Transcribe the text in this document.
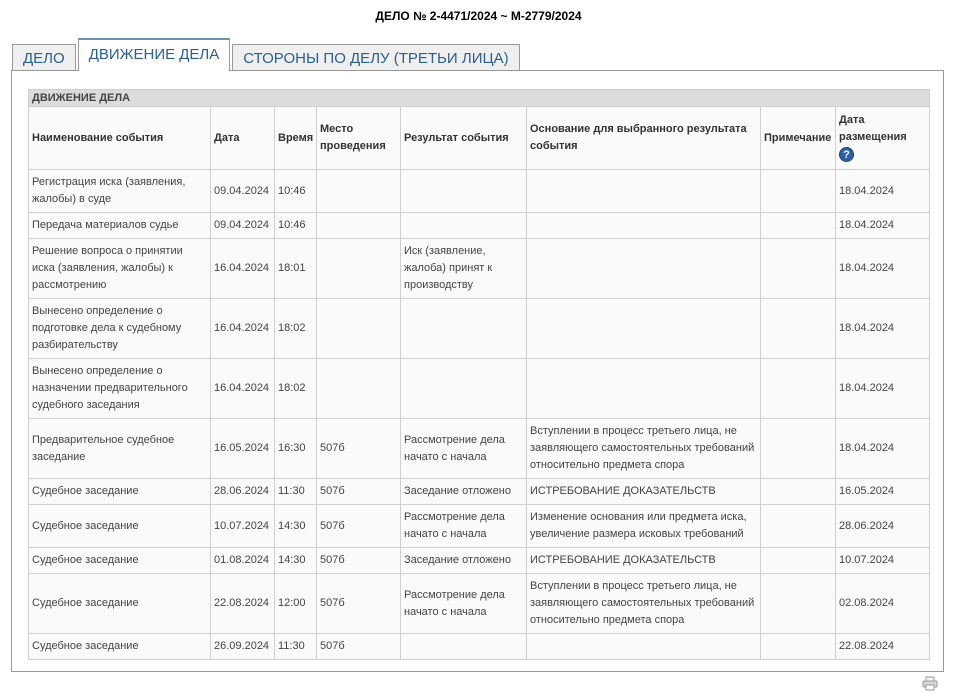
ДЕЛО № 2-4471/2024 ~ М-2779/2024
ДЕЛО	ДВИЖЕНИЕ ДЕЛА	СТОРОНЫ ПО ДЕЛУ (ТРЕТЬИ ЛИЦА)
ДВИЖЕНИЕ ДЕЛА							
Наименование события	Дата	Время	Место проведения	Результат события	Основание для выбранного результата события	Примечание	Дата размещения
?
Регистрация иска (заявления, жалобы) в суде	09.04.2024	10:46					18.04.2024
Передача материалов судье	09.04.2024	10:46					18.04.2024
Решение вопроса о принятии иска (заявления, жалобы) к рассмотрению	16.04.2024	18:01		Иск (заявление, жалоба) принят к производству			18.04.2024
Вынесено определение о подготовке дела к судебному разбирательству	16.04.2024	18:02					18.04.2024
Вынесено определение о назначении предварительного судебного заседания	16.04.2024	18:02					18.04.2024
Предварительное судебное заседание	16.05.2024	16:30	507б	Рассмотрение дела начато с начала	Вступлении в процесс третьего лица, не заявляющего самостоятельных требований относительно предмета спора		18.04.2024
Судебное заседание	28.06.2024	11:30	507б	Заседание отложено	ИСТРЕБОВАНИЕ ДОКАЗАТЕЛЬСТВ		16.05.2024
Судебное заседание	10.07.2024	14:30	507б	Рассмотрение дела начато с начала	Изменение основания или предмета иска, увеличение размера исковых требований		28.06.2024
Судебное заседание	01.08.2024	14:30	507б	Заседание отложено	ИСТРЕБОВАНИЕ ДОКАЗАТЕЛЬСТВ		10.07.2024
Судебное заседание	22.08.2024	12:00	507б	Рассмотрение дела начато с начала	Вступлении в процесс третьего лица, не заявляющего самостоятельных требований относительно предмета спора		02.08.2024
Судебное заседание	26.09.2024	11:30	507б				22.08.2024
